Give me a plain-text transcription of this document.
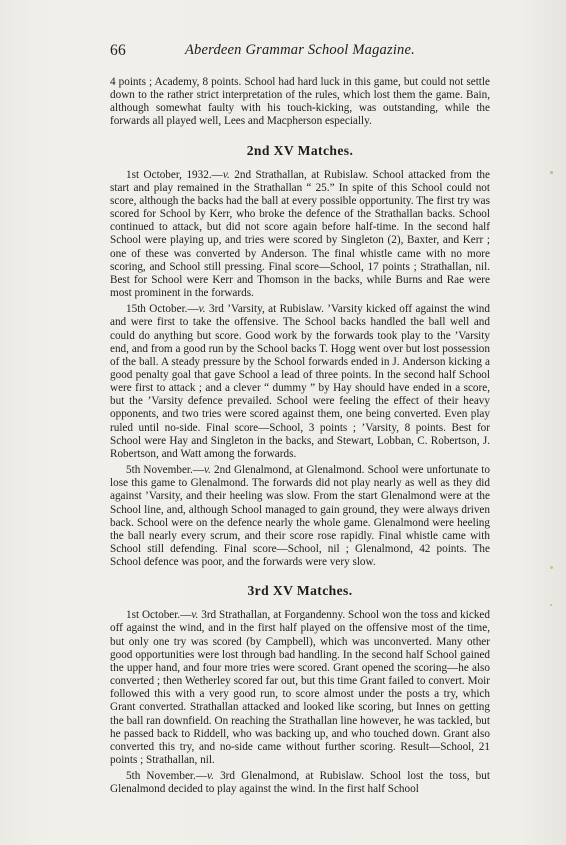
66	Aberdeen Grammar School Magazine.

4 points ; Academy, 8 points. School had hard luck in this game, but could not settle down to the rather strict interpretation of the rules, which lost them the game. Bain, although somewhat faulty with his touch-kicking, was outstanding, while the forwards all played well, Lees and Macpherson especially.

2nd XV Matches.

1st October, 1932.—v. 2nd Strathallan, at Rubislaw. School attacked from the start and play remained in the Strathallan “ 25.” In spite of this School could not score, although the backs had the ball at every possible opportunity. The first try was scored for School by Kerr, who broke the defence of the Strathallan backs. School continued to attack, but did not score again before half-time. In the second half School were playing up, and tries were scored by Singleton (2), Baxter, and Kerr ; one of these was converted by Anderson. The final whistle came with no more scoring, and School still pressing. Final score—School, 17 points ; Strathallan, nil. Best for School were Kerr and Thomson in the backs, while Burns and Rae were most prominent in the forwards.

15th October.—v. 3rd ’Varsity, at Rubislaw. ’Varsity kicked off against the wind and were first to take the offensive. The School backs handled the ball well and could do anything but score. Good work by the forwards took play to the ’Varsity end, and from a good run by the School backs T. Hogg went over but lost possession of the ball. A steady pressure by the School forwards ended in J. Anderson kicking a good penalty goal that gave School a lead of three points. In the second half School were first to attack ; and a clever “ dummy ” by Hay should have ended in a score, but the ’Varsity defence prevailed. School were feeling the effect of their heavy opponents, and two tries were scored against them, one being converted. Even play ruled until no-side. Final score—School, 3 points ; ’Varsity, 8 points. Best for School were Hay and Singleton in the backs, and Stewart, Lobban, C. Robertson, J. Robertson, and Watt among the forwards.

5th November.—v. 2nd Glenalmond, at Glenalmond. School were unfortunate to lose this game to Glenalmond. The forwards did not play nearly as well as they did against ’Varsity, and their heeling was slow. From the start Glenalmond were at the School line, and, although School managed to gain ground, they were always driven back. School were on the defence nearly the whole game. Glenalmond were heeling the ball nearly every scrum, and their score rose rapidly. Final whistle came with School still defending. Final score—School, nil ; Glenalmond, 42 points. The School defence was poor, and the forwards were very slow.

3rd XV Matches.

1st October.—v. 3rd Strathallan, at Forgandenny. School won the toss and kicked off against the wind, and in the first half played on the offensive most of the time, but only one try was scored (by Campbell), which was unconverted. Many other good opportunities were lost through bad handling. In the second half School gained the upper hand, and four more tries were scored. Grant opened the scoring—he also converted ; then Wetherley scored far out, but this time Grant failed to convert. Moir followed this with a very good run, to score almost under the posts a try, which Grant converted. Strathallan attacked and looked like scoring, but Innes on getting the ball ran downfield. On reaching the Strathallan line however, he was tackled, but he passed back to Riddell, who was backing up, and who touched down. Grant also converted this try, and no-side came without further scoring. Result—School, 21 points ; Strathallan, nil.

5th November.—v. 3rd Glenalmond, at Rubislaw. School lost the toss, but Glenalmond decided to play against the wind. In the first half School
